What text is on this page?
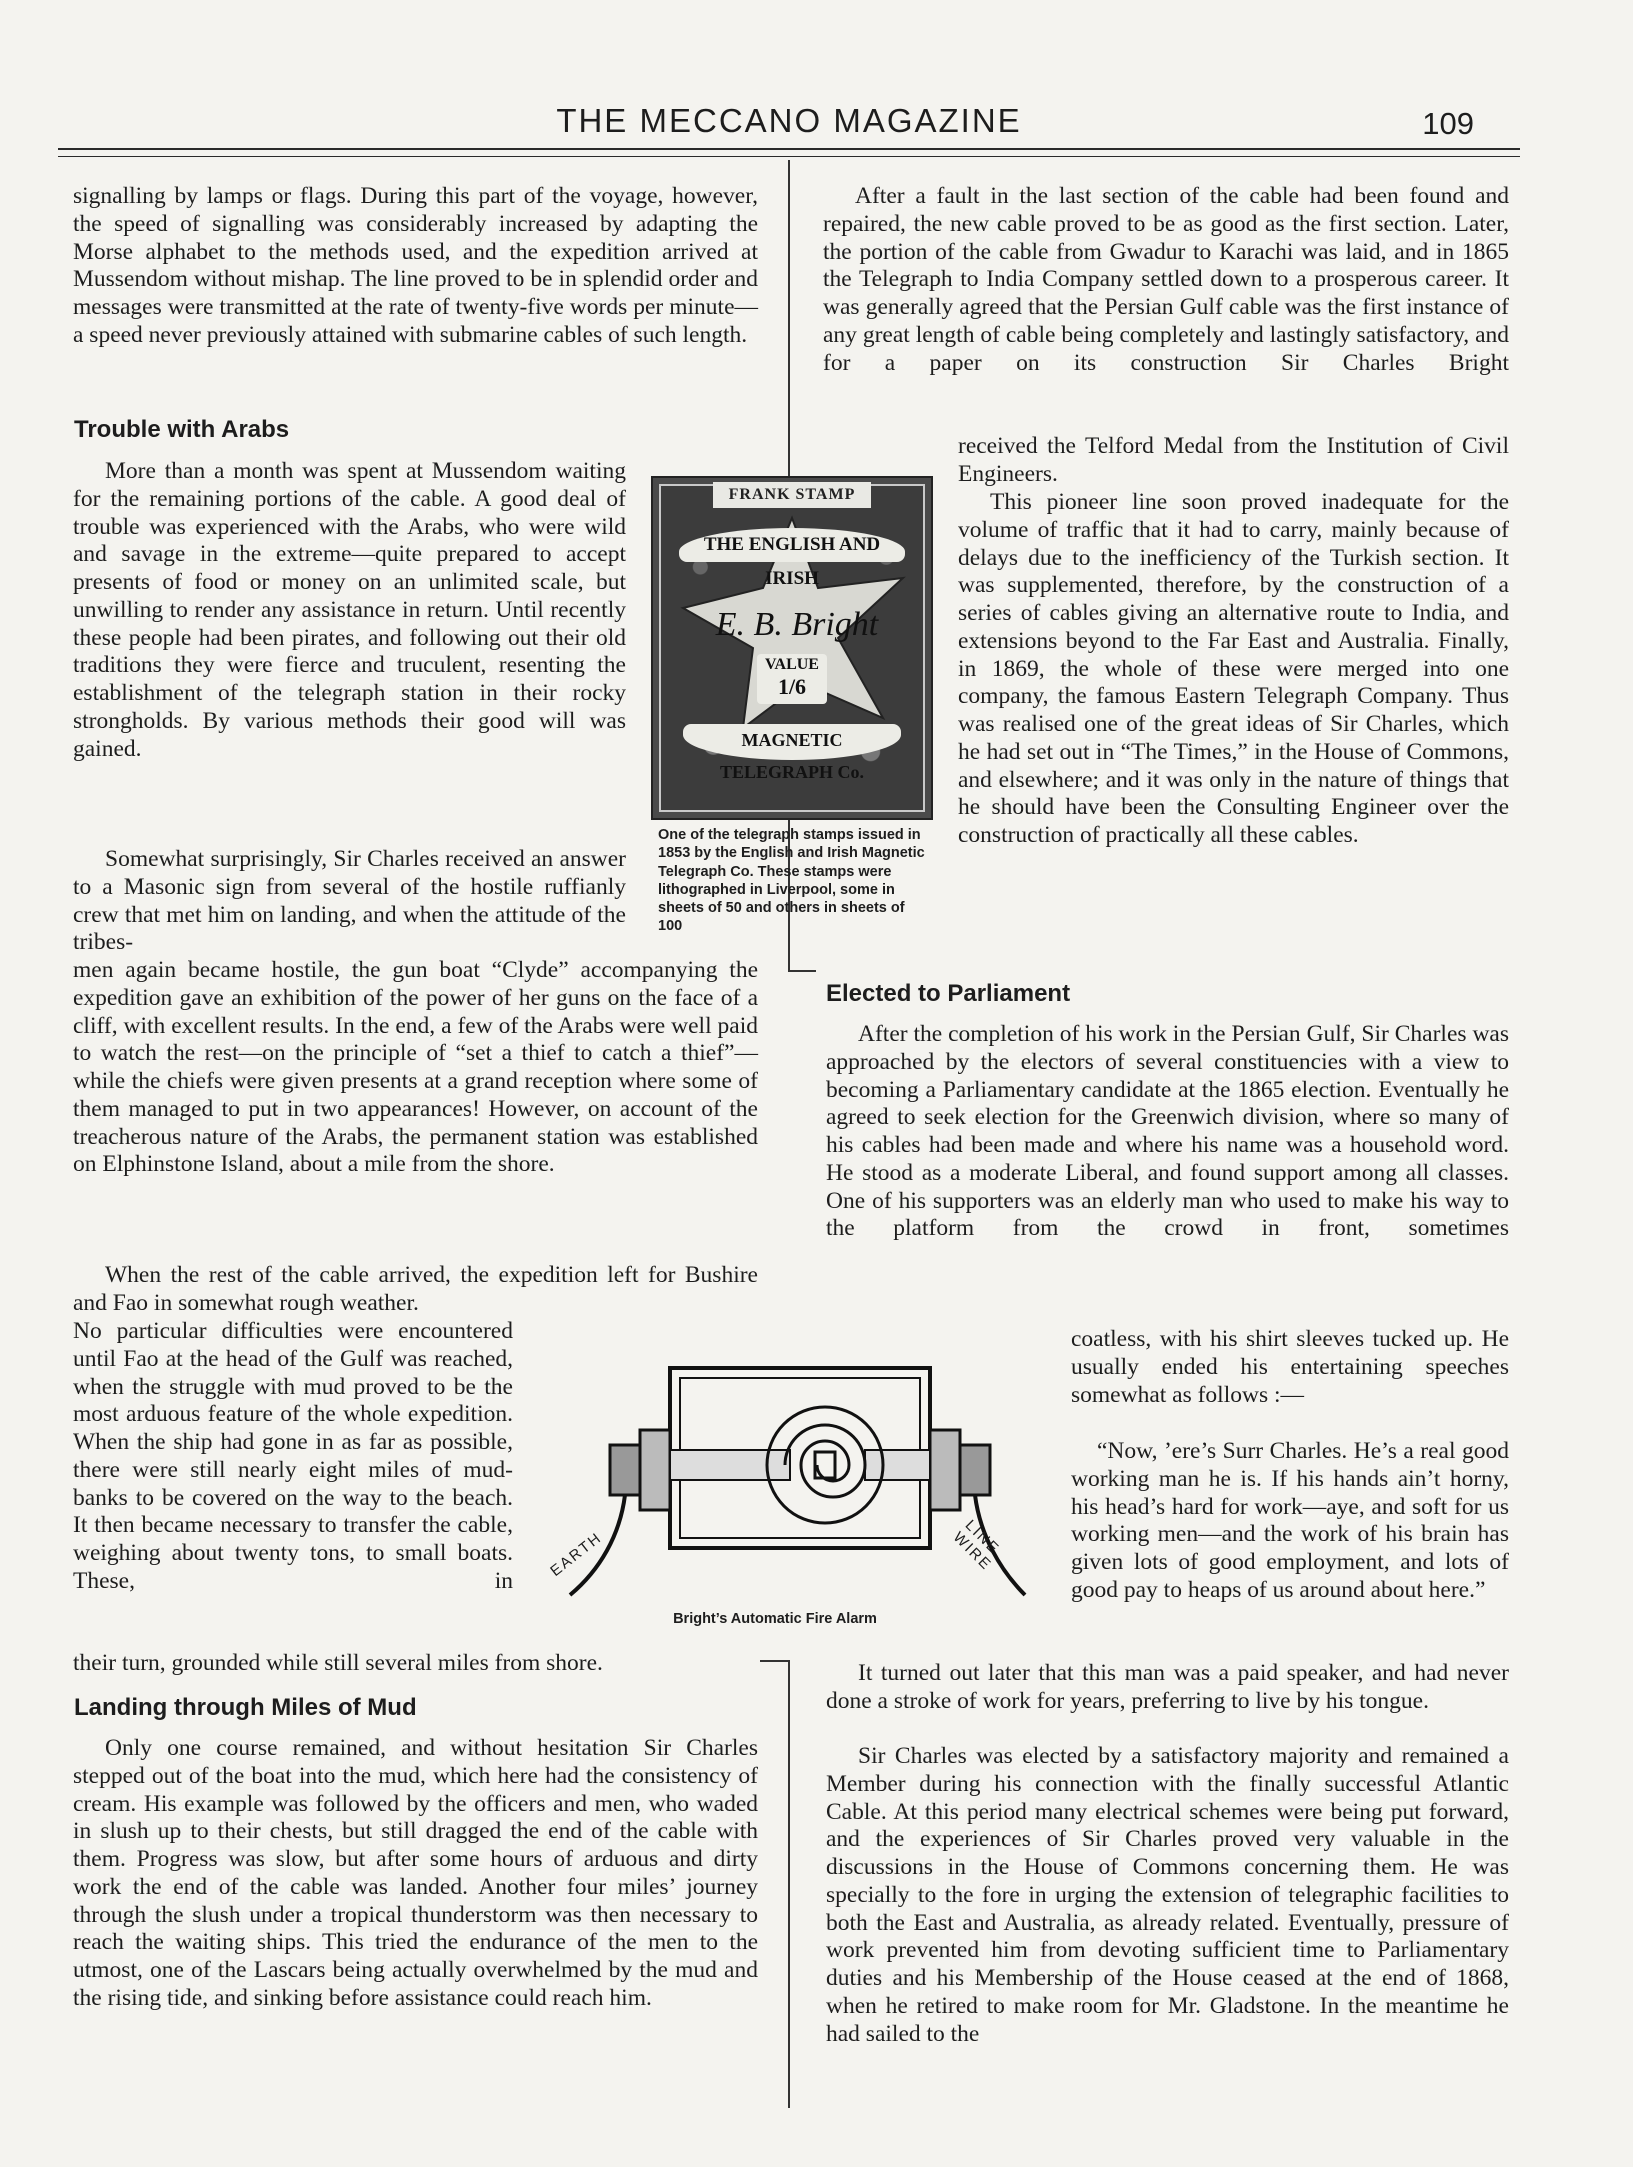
THE MECCANO MAGAZINE	109

signalling by lamps or flags. During this part of the voyage, however, the speed of signalling was considerably increased by adapting the Morse alphabet to the methods used, and the expedition arrived at Mussendom without mishap. The line proved to be in splendid order and messages were transmitted at the rate of twenty-five words per minute—a speed never previously attained with submarine cables of such length.

Trouble with Arabs

More than a month was spent at Mussendom waiting for the remaining portions of the cable. A good deal of trouble was experienced with the Arabs, who were wild and savage in the extreme—quite prepared to accept presents of food or money on an unlimited scale, but unwilling to render any assistance in return. Until recently these people had been pirates, and following out their old traditions they were fierce and truculent, resenting the establishment of the telegraph station in their rocky strongholds. By various methods their good will was gained.

Somewhat surprisingly, Sir Charles received an answer to a Masonic sign from several of the hostile ruffianly crew that met him on landing, and when the attitude of the tribes-

men again became hostile, the gun boat “Clyde” accompanying the expedition gave an exhibition of the power of her guns on the face of a cliff, with excellent results. In the end, a few of the Arabs were well paid to watch the rest—on the principle of “set a thief to catch a thief”—while the chiefs were given presents at a grand reception where some of them managed to put in two appearances! However, on account of the treacherous nature of the Arabs, the permanent station was established on Elphinstone Island, about a mile from the shore.

When the rest of the cable arrived, the expedition left for Bushire and Fao in somewhat rough weather.

No particular difficulties were encountered until Fao at the head of the Gulf was reached, when the struggle with mud proved to be the most arduous feature of the whole expedition. When the ship had gone in as far as possible, there were still nearly eight miles of mud-banks to be covered on the way to the beach. It then became necessary to transfer the cable, weighing about twenty tons, to small boats. These, in

their turn, grounded while still several miles from shore.

Landing through Miles of Mud

Only one course remained, and without hesitation Sir Charles stepped out of the boat into the mud, which here had the consistency of cream. His example was followed by the officers and men, who waded in slush up to their chests, but still dragged the end of the cable with them. Progress was slow, but after some hours of arduous and dirty work the end of the cable was landed. Another four miles’ journey through the slush under a tropical thunderstorm was then necessary to reach the waiting ships. This tried the endurance of the men to the utmost, one of the Lascars being actually overwhelmed by the mud and the rising tide, and sinking before assistance could reach him.

FRANK STAMP
THE ENGLISH AND IRISH
E. B. Bright
VALUE
1/6
MAGNETIC TELEGRAPH Co.

One of the telegraph stamps issued in 1853 by the English and Irish Magnetic Telegraph Co. These stamps were lithographed in Liverpool, some in sheets of 50 and others in sheets of 100

After a fault in the last section of the cable had been found and repaired, the new cable proved to be as good as the first section. Later, the portion of the cable from Gwadur to Karachi was laid, and in 1865 the Telegraph to India Company settled down to a prosperous career. It was generally agreed that the Persian Gulf cable was the first instance of any great length of cable being completely and lastingly satisfactory, and for a paper on its construction Sir Charles Bright

received the Telford Medal from the Institution of Civil Engineers.

This pioneer line soon proved inadequate for the volume of traffic that it had to carry, mainly because of delays due to the inefficiency of the Turkish section. It was supplemented, therefore, by the construction of a series of cables giving an alternative route to India, and extensions beyond to the Far East and Australia. Finally, in 1869, the whole of these were merged into one company, the famous Eastern Telegraph Company. Thus was realised one of the great ideas of Sir Charles, which he had set out in “The Times,” in the House of Commons, and elsewhere; and it was only in the nature of things that he should have been the Consulting Engineer over the construction of practically all these cables.

Elected to Parliament

After the completion of his work in the Persian Gulf, Sir Charles was approached by the electors of several constituencies with a view to becoming a Parliamentary candidate at the 1865 election. Eventually he agreed to seek election for the Greenwich division, where so many of his cables had been made and where his name was a household word. He stood as a moderate Liberal, and found support among all classes. One of his supporters was an elderly man who used to make his way to the platform from the crowd in front, sometimes

coatless, with his shirt sleeves tucked up. He usually ended his entertaining speeches somewhat as follows :—

“Now, ’ere’s Surr Charles. He’s a real good working man he is. If his hands ain’t horny, his head’s hard for work—aye, and soft for us working men—and the work of his brain has given lots of good employment, and lots of good pay to heaps of us around about here.”

It turned out later that this man was a paid speaker, and had never done a stroke of work for years, preferring to live by his tongue.

Sir Charles was elected by a satisfactory majority and remained a Member during his connection with the finally successful Atlantic Cable. At this period many electrical schemes were being put forward, and the experiences of Sir Charles proved very valuable in the discussions in the House of Commons concerning them. He was specially to the fore in urging the extension of telegraphic facilities to both the East and Australia, as already related. Eventually, pressure of work prevented him from devoting sufficient time to Parliamentary duties and his Membership of the House ceased at the end of 1868, when he retired to make room for Mr. Gladstone. In the meantime he had sailed to the

EARTH	LINE WIRE

Bright’s Automatic Fire Alarm
